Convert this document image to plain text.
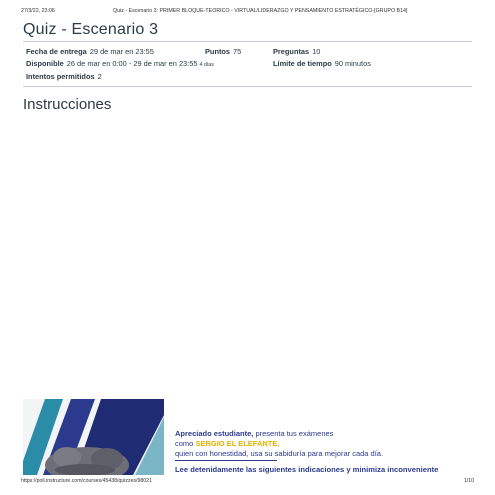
27/3/22, 23:06	Quiz - Escenario 3: PRIMER BLOQUE-TEORICO - VIRTUAL/LIDERAZGO Y PENSAMIENTO ESTRATÉGICO-[GRUPO B14]
Quiz - Escenario 3
Fecha de entrega 29 de mar en 23:55	Puntos 75	Preguntas 10
Disponible 26 de mar en 0:00 - 29 de mar en 23:55 4 días	Límite de tiempo 90 minutos
Intentos permitidos 2
Instrucciones
Apreciado estudiante, presenta tus exámenes
como SERGIO EL ELEFANTE,
quien con honestidad, usa su sabiduría para mejorar cada día.
Lee detenidamente las siguientes indicaciones y minimiza inconveniente
https://poli.instructure.com/courses/45438/quizzes/98021	1/10
